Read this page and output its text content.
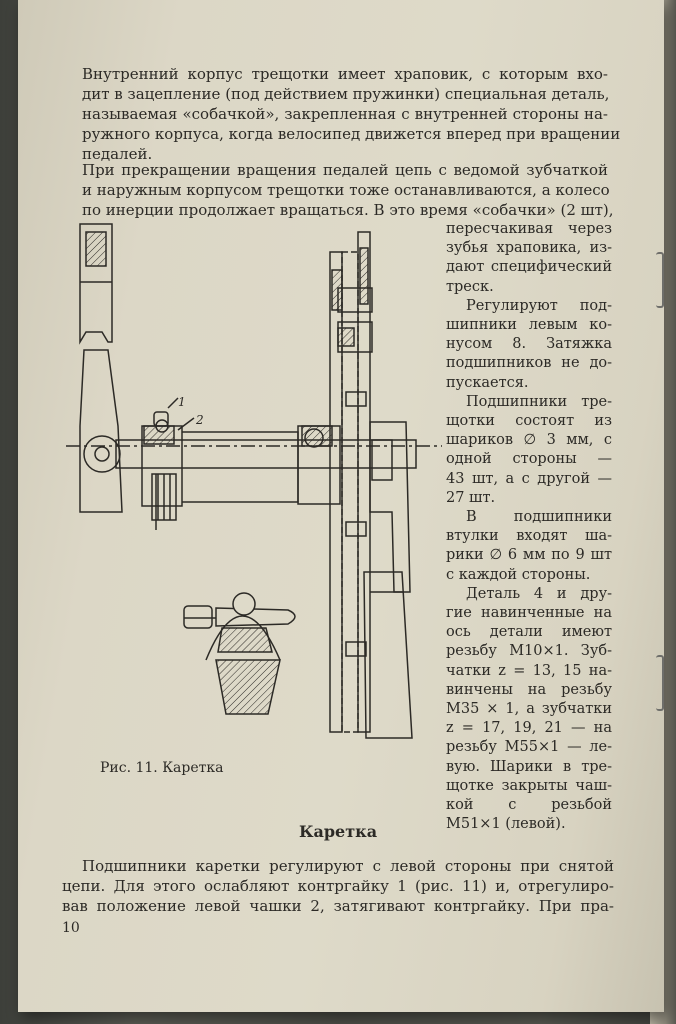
Внутренний корпус трещотки имеет храповик, с которым вхо-
дит в зацепление (под действием пружинки) специальная деталь,
называемая «собачкой», закрепленная с внутренней стороны на-
ружного корпуса, когда велосипед движется вперед при вращении
педалей.

При прекращении вращения педалей цепь с ведомой зубчаткой
и наружным корпусом трещотки тоже останавливаются, а колесо
по инерции продолжает вращаться. В это время «собачки» (2 шт),

пересчакивая через
зубья храповика, из-
дают специфический
треск.
Регулируют под-
шипники левым ко-
нусом 8. Затяжка
подшипников не до-
пускается.
Подшипники тре-
щотки состоят из
шариков ∅ 3 мм, с
одной стороны —
43 шт, а с другой —
27 шт.
В подшипники
втулки входят ша-
рики ∅ 6 мм по 9 шт
с каждой стороны.
Деталь 4 и дру-
гие навинченные на
ось детали имеют
резьбу М10×1. Зуб-
чатки z = 13, 15 на-
винчены на резьбу
М35 × 1, а зубчатки
z = 17, 19, 21 — на
резьбу М55×1 — ле-
вую. Шарики в тре-
щотке закрыты чаш-
кой с резьбой
М51×1 (левой).
1
2
Рис. 11. Каретка
Каретка

Подшипники каретки регулируют с левой стороны при снятой
цепи. Для этого ослабляют контргайку 1 (рис. 11) и, отрегулиро-
вав положение левой чашки 2, затягивают контргайку. При пра-

10
